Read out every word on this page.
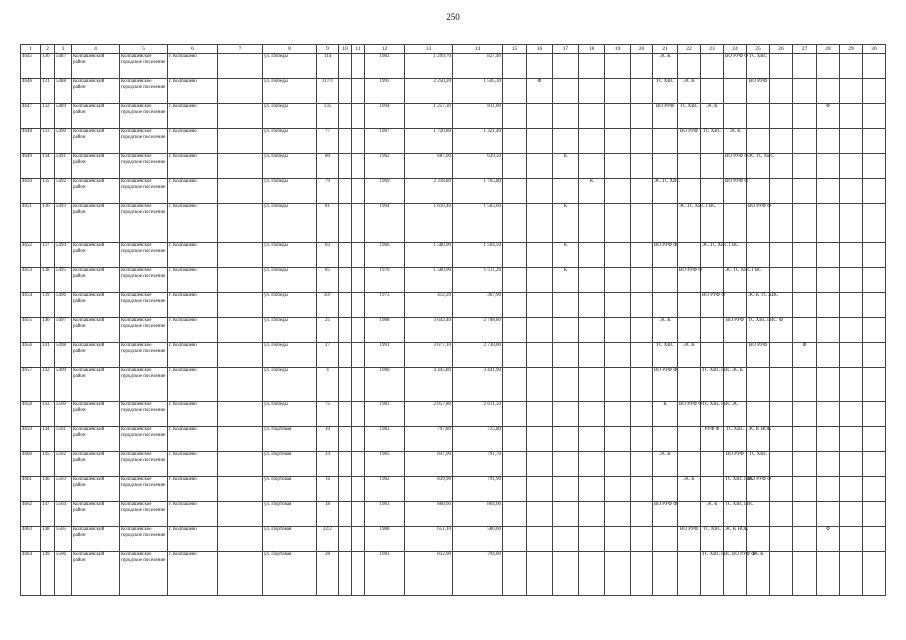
250
1	2	3	4	5	6	7	8	9	10	11	12	13	14	15	16	17	18	19	20	21	22	23	24	25	26	27	28	29	30
4645	130	5487	Колпашевский район	Колпашевское городское поселение	г. Колпашево		ул. Победы	114			1982	1 299,70	827,40							ЭС К			ВО РУФ Ф	ТС ХВС					
4646	131	5488	Колпашевский район	Колпашевское городское поселение	г. Колпашево		ул. Победы	117/1			1995	2 250,20	1 545,30		Ф					ТС ХВС	ЭС К			ВО РУФ					
4647	132	5489	Колпашевский район	Колпашевское городское поселение	г. Колпашево		ул. Победы	135			1994	1 257,30	811,00							ВО РУФ	ТС ХВС	ЭС К					Ф		
4648	133	5490	Колпашевский район	Колпашевское городское поселение	г. Колпашево		ул. Победы	77			1987	1 720,80	1 321,40								ВО РУФ	ТС ХВС	ЭС К						
4649	134	5491	Колпашевский район	Колпашевское городское поселение	г. Колпашево		ул. Победы	80			1962	687,00	639,50			К							ВО РУФ Ф	ЭС ТС ХВС					
4650	135	5492	Колпашевский район	Колпашевское городское поселение	г. Колпашево		ул. Победы	79			1969	2 318,80	1 765,80				К			ЭС ТС ХВС			ВО РУФ Ф						
4651	136	5493	Колпашевский район	Колпашевское городское поселение	г. Колпашево		ул. Победы	81			1964	1 610,40	1 503,60			К					ЭС ТС ХВС ГВС			ВО РУФ Ф					
4652	137	5494	Колпашевский район	Колпашевское городское поселение	г. Колпашево		ул. Победы	83			1966	1 580,90	1 504,50			К				ВО РУФ Ф		ЭС ТС ХВС ГВС							
4653	138	5495	Колпашевский район	Колпашевское городское поселение	г. Колпашево		ул. Победы	85			1970	1 580,90	1 511,20			К					ВО РУФ Ф		ЭС ТС ХВС ГВС						
4654	139	5496	Колпашевский район	Колпашевское городское поселение	г. Колпашево		ул. Победы	107			1973	412,20	367,90									ВО РУФ Ф		ЭС К ТС ХВС					
4655	140	5497	Колпашевский район	Колпашевское городское поселение	г. Колпашево		ул. Победы	25			1988	3 643,40	2 708,80							ЭС К			ВО РУФ	ТС ХВС ГВС	Ф				
4656	141	5498	Колпашевский район	Колпашевское городское поселение	г. Колпашево		ул. Победы	27			1991	3 677,10	2 730,00							ТС ХВС	ЭС К			ВО РУФ		Ф			
4657	142	5499	Колпашевский район	Колпашевское городское поселение	г. Колпашево		ул. Победы	4			1980	4 445,80	3 441,90							ВО РУФ Ф		ТС ХВС ГВС ЭС К							
4658	143	5500	Колпашевский район	Колпашевское городское поселение	г. Колпашево		ул. Победы	75			1983	2 857,80	2 611,50							К	ВО РУФ Ф	ТС ХВС ГВС	ЭС						
4659	144	5501	Колпашевский район	Колпашевское городское поселение	г. Колпашево		ул. Портовая	10			1982	797,80	725,80									РУФ Ф	ТС ХВС	ЭС К НОК					
4660	145	5502	Колпашевский район	Колпашевское городское поселение	г. Колпашево		ул. Портовая	14			1985	847,90	791,70							ЭС К			ВО РУФ	ТС ХВС					
4661	146	5503	Колпашевский район	Колпашевское городское поселение	г. Колпашево		ул. Портовая	16			1982	839,90	791,90								ЭС К		ТС ХВС ГВС	ВО РУФ Ф					
4662	147	5504	Колпашевский район	Колпашевское городское поселение	г. Колпашево		ул. Портовая	18			1983	868,60	804,00							ВО РУФ Ф		ЭС К	ТС ХВС ГВС						
4663	148	5505	Колпашевский район	Колпашевское городское поселение	г. Колпашево		ул. Портовая	22/2			1988	651,10	580,60								ВО РУФ	ТС ХВС	ЭС К НОК				Ф		
4664	149	5506	Колпашевский район	Колпашевское городское поселение	г. Колпашево		ул. Портовая	28			1981	832,90	794,00									ТС ХВС ГВС ВО РУФ Ф		ЭС К					
